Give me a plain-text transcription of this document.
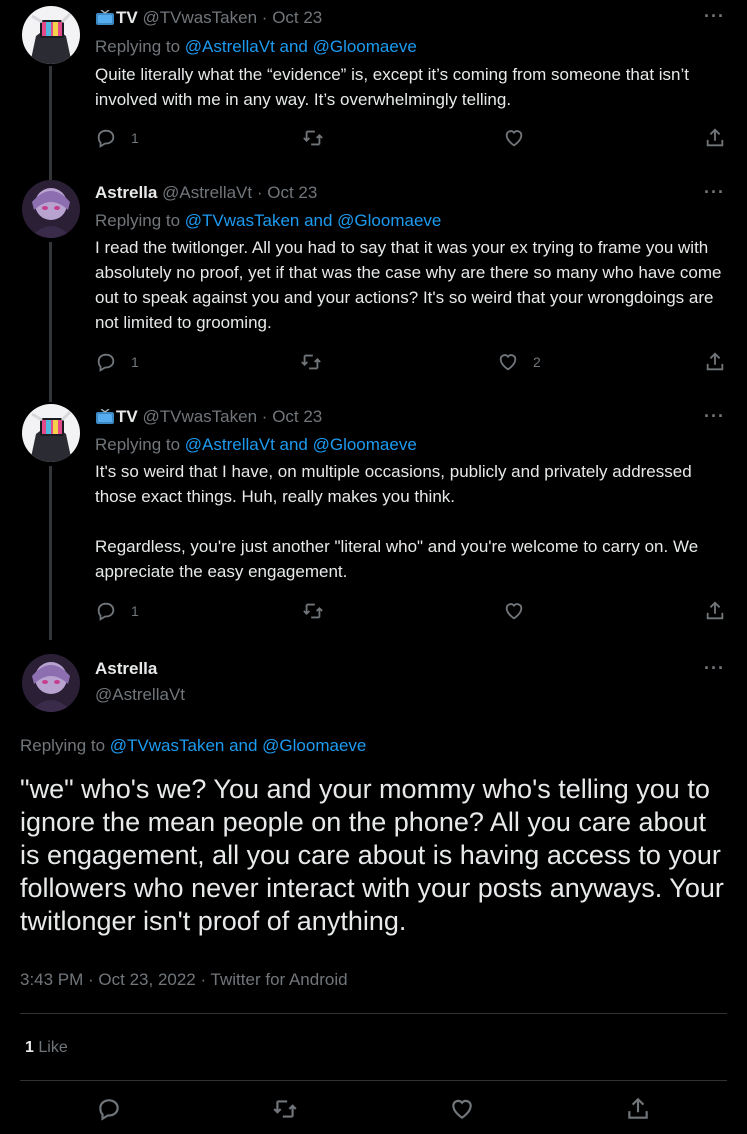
TV @TVwasTaken · Oct 23	···
Replying to @AstrellaVt and @Gloomaeve
Quite literally what the “evidence” is, except it’s coming from someone that isn’t involved with me in any way. It’s overwhelmingly telling.
1
Astrella @AstrellaVt · Oct 23	···
Replying to @TVwasTaken and @Gloomaeve
I read the twitlonger. All you had to say that it was your ex trying to frame you with absolutely no proof, yet if that was the case why are there so many who have come out to speak against you and your actions? It's so weird that your wrongdoings are not limited to grooming.
1	2
TV @TVwasTaken · Oct 23	···
Replying to @AstrellaVt and @Gloomaeve
It's so weird that I have, on multiple occasions, publicly and privately addressed those exact things. Huh, really makes you think.

Regardless, you're just another "literal who" and you're welcome to carry on. We appreciate the easy engagement.
1
Astrella
@AstrellaVt
···
Replying to @TVwasTaken and @Gloomaeve
"we" who's we? You and your mommy who's telling you to ignore the mean people on the phone? All you care about is engagement, all you care about is having access to your followers who never interact with your posts anyways. Your twitlonger isn't proof of anything.
3:43 PM · Oct 23, 2022 · Twitter for Android
1 Like
